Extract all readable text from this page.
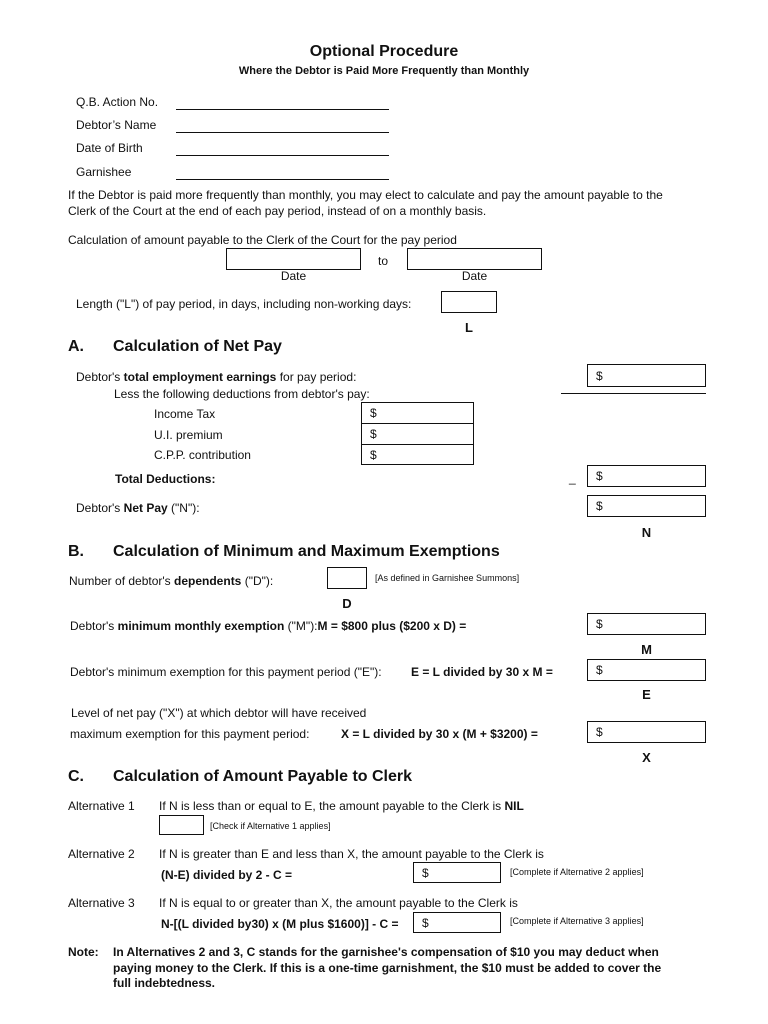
Optional Procedure
Where the Debtor is Paid More Frequently than Monthly
Q.B. Action No.
Debtor’s Name
Date of Birth
Garnishee
If the Debtor is paid more frequently than monthly, you may elect to calculate and pay the amount payable to the
Clerk of the Court at the end of each pay period, instead of on a monthly basis.
Calculation of amount payable to the Clerk of the Court for the pay period
to
Date	Date
Length ("L") of pay period, in days, including non-working days:
L
A. Calculation of Net Pay
Debtor's total employment earnings for pay period:	$
Less the following deductions from debtor's pay:
Income Tax	$
U.I. premium	$
C.P.P. contribution	$
Total Deductions:	_ $
Debtor's Net Pay ("N"):	$
N
B. Calculation of Minimum and Maximum Exemptions
Number of debtor's dependents ("D"):	[As defined in Garnishee Summons]
D
Debtor's minimum monthly exemption ("M"):M = $800 plus ($200 x D) =	$
M
Debtor's minimum exemption for this payment period ("E"): E = L divided by 30 x M =	$
E
Level of net pay ("X") at which debtor will have received
maximum exemption for this payment period:	X = L divided by 30 x (M + $3200) =	$
X
C. Calculation of Amount Payable to Clerk
Alternative 1 If N is less than or equal to E, the amount payable to the Clerk is NIL
[Check if Alternative 1 applies]
Alternative 2 If N is greater than E and less than X, the amount payable to the Clerk is
(N-E) divided by 2 - C =	$	[Complete if Alternative 2 applies]
Alternative 3 If N is equal to or greater than X, the amount payable to the Clerk is
N-[(L divided by30) x (M plus $1600)] - C = $	[Complete if Alternative 3 applies]
Note: In Alternatives 2 and 3, C stands for the garnishee's compensation of $10 you may deduct when
paying money to the Clerk. If this is a one-time garnishment, the $10 must be added to cover the
full indebtedness.
